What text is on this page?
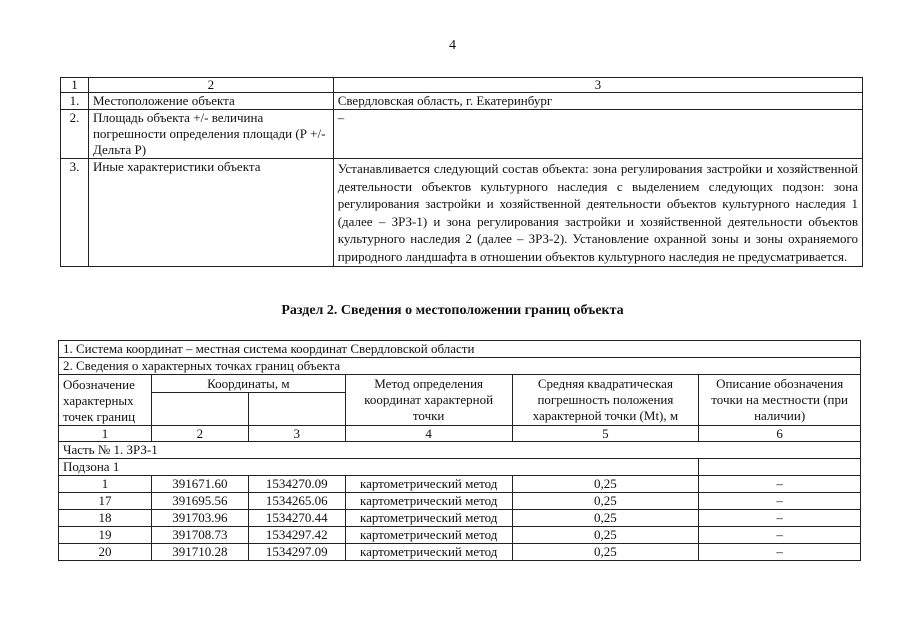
4
1	2	3
1.	Местоположение объекта	Свердловская область, г. Екатеринбург
2.	Площадь объекта +/- величина погрешности определения площади (Р +/- Дельта Р)	–
3.	Иные характеристики объекта	Устанавливается следующий состав объекта: зона регулирования застройки и хозяйственной деятельности объектов культурного наследия с выделением следующих подзон: зона регулирования застройки и хозяйственной деятельности объектов культурного наследия 1 (далее – ЗРЗ-1) и зона регулирования застройки и хозяйственной деятельности объектов культурного наследия 2 (далее – ЗРЗ-2). Установление охранной зоны и зоны охраняемого природного ландшафта в отношении объектов культурного наследия не предусматривается.
Раздел 2. Сведения о местоположении границ объекта
1. Система координат – местная система координат Свердловской области					
2. Сведения о характерных точках границ объекта					
Обозначение характерных точек границ	Координаты, м		Метод определения координат характерной точки	Средняя квадратическая погрешность положения характерной точки (Mt), м	Описание обозначения точки на местности (при наличии)

1	2	3	4	5	6
Часть № 1. ЗРЗ-1					
Подзона 1					
1	391671.60	1534270.09	картометрический метод	0,25	–
17	391695.56	1534265.06	картометрический метод	0,25	–
18	391703.96	1534270.44	картометрический метод	0,25	–
19	391708.73	1534297.42	картометрический метод	0,25	–
20	391710.28	1534297.09	картометрический метод	0,25	–
